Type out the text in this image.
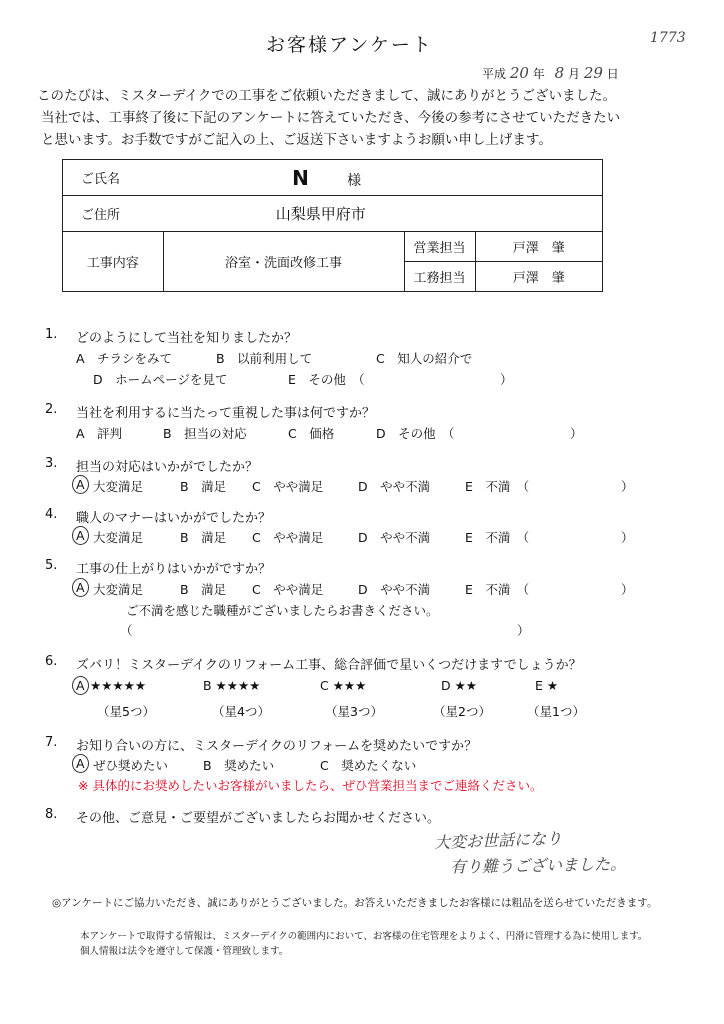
お客様アンケート	1773
平成 20 年 8 月 29 日
このたびは、ミスターデイクでの工事をご依頼いただきまして、誠にありがとうございました。
当社では、工事終了後に下記のアンケートに答えていただき、今後の参考にさせていただきたい
と思います。お手数ですがご記入の上、ご返送下さいますようお願い申し上げます。
ご氏名	N 様		
ご住所	山梨県甲府市		
工事内容	浴室・洗面改修工事	営業担当	戸澤　肇
		工務担当	戸澤　肇
1. どのようにして当社を知りましたか？
A　チラシをみて	B　以前利用して	C　知人の紹介で
D　ホームページを見て	E　その他　（	）
2. 当社を利用するに当たって重視した事は何ですか？
A　評判	B　担当の対応	C　価格	D　その他　（	）
3. 担当の対応はいかがでしたか？
A 大変満足	B　満足 C　やや満足	D　やや不満	E　不満　（	）
4. 職人のマナーはいかがでしたか？
A 大変満足	B　満足 C　やや満足	D　やや不満	E　不満　（	）
5. 工事の仕上がりはいかがですか？
A 大変満足	B　満足 C　やや満足	D　やや不満	E　不満　（	）
ご不満を感じた職種がございましたらお書きください。
（	）
6. ズバリ！ミスターデイクのリフォーム工事、総合評価で星いくつだけますでしょうか？
A ★★★★★	B ★★★★	C ★★★	D ★★	E ★
（星5つ）	（星4つ）	（星3つ）	（星2つ）	（星1つ）
7. お知り合いの方に、ミスターデイクのリフォームを奨めたいですか？
A ぜひ奨めたい	B　奨めたい	C　奨めたくない
※ 具体的にお奨めしたいお客様がいましたら、ぜひ営業担当までご連絡ください。
8. その他、ご意見・ご要望がございましたらお聞かせください。
大変お世話になり
有り難うございました。
◎アンケートにご協力いただき、誠にありがとうございました。お答えいただきましたお客様には粗品を送らせていただきます。
本アンケートで取得する情報は、ミスターデイクの範囲内において、お客様の住宅管理をよりよく、円滑に管理する為に使用します。
個人情報は法令を遵守して保護・管理致します。
